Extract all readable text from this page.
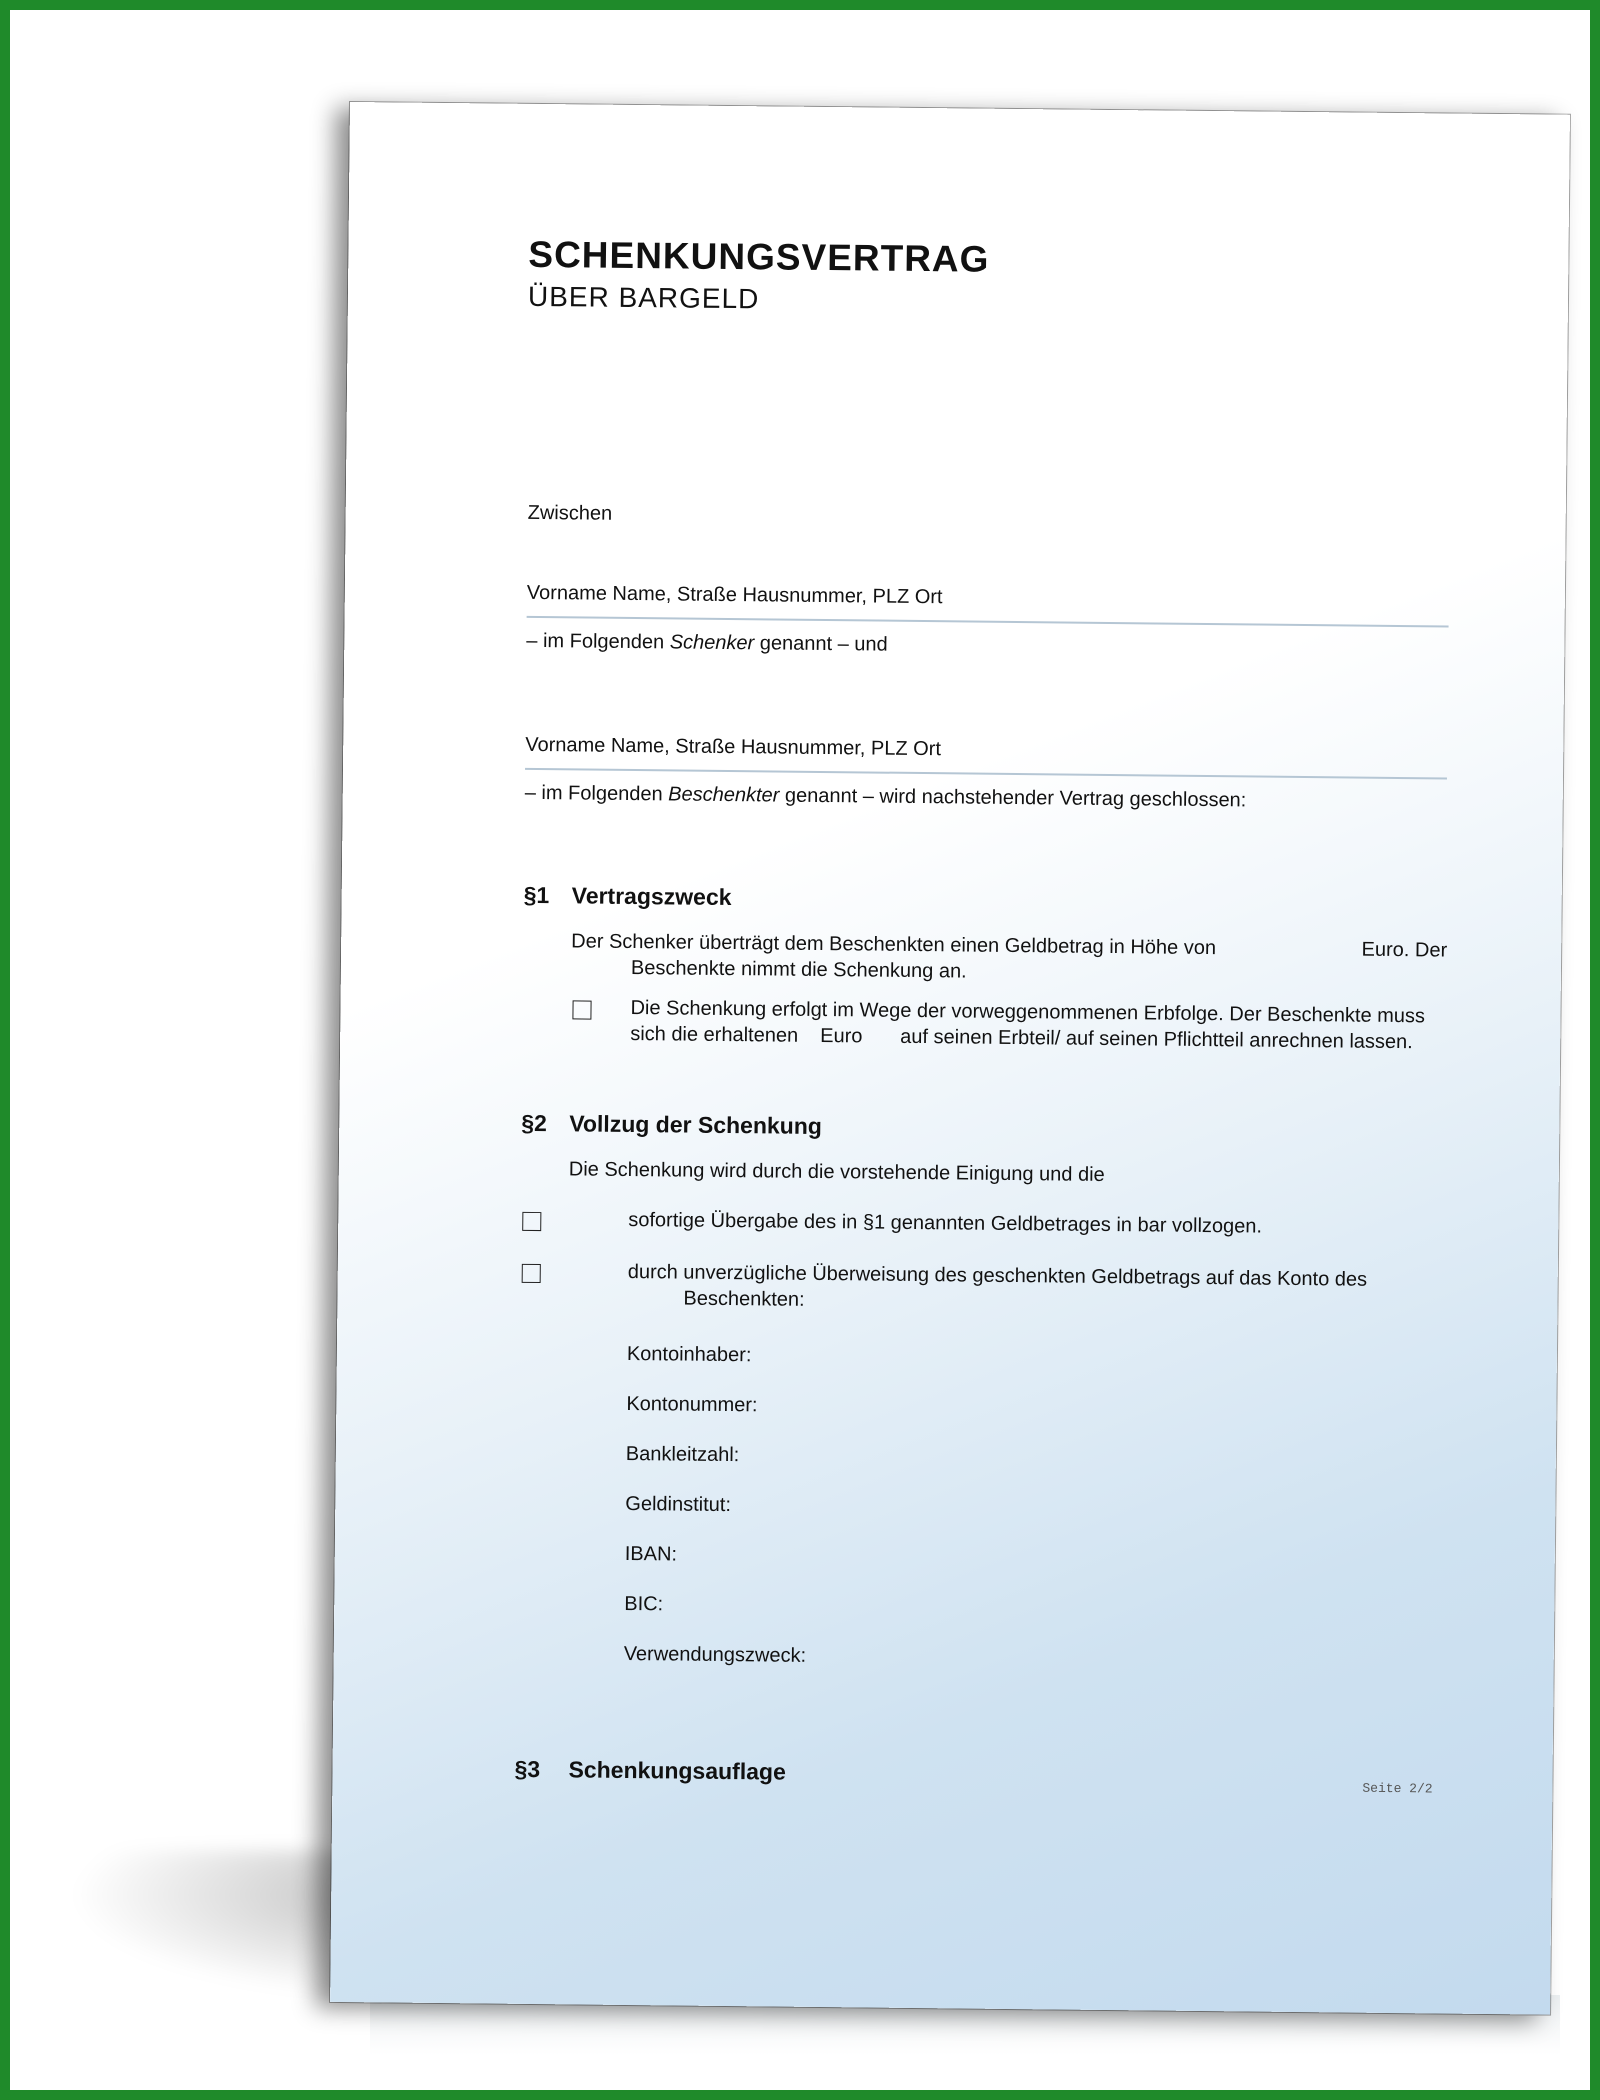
SCHENKUNGSVERTRAG
ÜBER BARGELD
Zwischen
Vorname Name, Straße Hausnummer, PLZ Ort
– im Folgenden Schenker genannt – und
Vorname Name, Straße Hausnummer, PLZ Ort
– im Folgenden Beschenkter genannt – wird nachstehender Vertrag geschlossen:
§1 Vertragszweck
Der Schenker überträgt dem Beschenkten einen Geldbetrag in Höhe von	Euro. Der
Beschenkte nimmt die Schenkung an.
Die Schenkung erfolgt im Wege der vorweggenommenen Erbfolge. Der Beschenkte muss
sich die erhaltenen Euro auf seinen Erbteil/ auf seinen Pflichtteil anrechnen lassen.
§2 Vollzug der Schenkung
Die Schenkung wird durch die vorstehende Einigung und die
sofortige Übergabe des in §1 genannten Geldbetrages in bar vollzogen.
durch unverzügliche Überweisung des geschenkten Geldbetrags auf das Konto des
Beschenkten:
Kontoinhaber:
Kontonummer:
Bankleitzahl:
Geldinstitut:
IBAN:
BIC:
Verwendungszweck:
§3 Schenkungsauflage
Seite 2/2
